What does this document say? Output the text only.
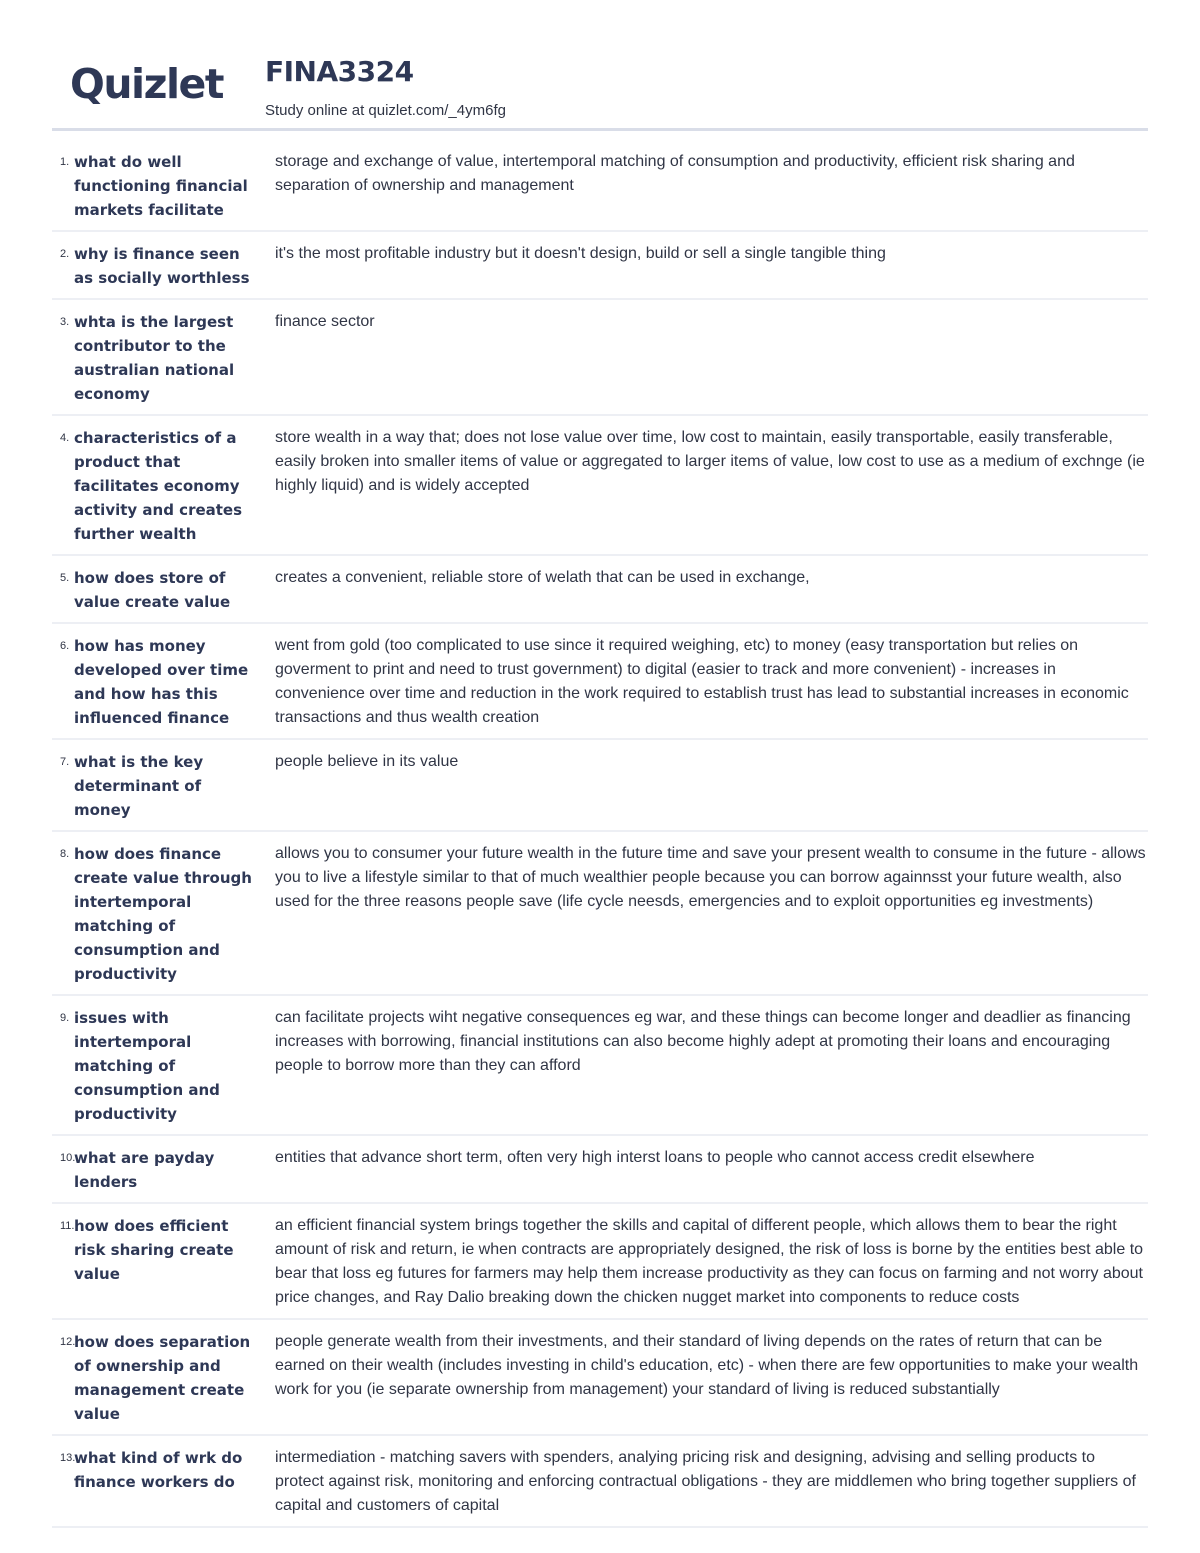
Quizlet FINA3324
Study online at quizlet.com/_4ym6fg
1. what do well functioning financial markets facilitate
storage and exchange of value, intertemporal matching of consumption and productivity, efficient risk sharing and separation of ownership and management
2. why is finance seen as socially worthless
it's the most profitable industry but it doesn't design, build or sell a single tangible thing
3. whta is the largest contributor to the australian national economy
finance sector
4. characteristics of a product that facilitates economy activity and creates further wealth
store wealth in a way that; does not lose value over time, low cost to maintain, easily transportable, easily transferable, easily broken into smaller items of value or aggregated to larger items of value, low cost to use as a medium of exchnge (ie highly liquid) and is widely accepted
5. how does store of value create value
creates a convenient, reliable store of welath that can be used in exchange,
6. how has money developed over time and how has this influenced finance
went from gold (too complicated to use since it required weighing, etc) to money (easy transportation but relies on goverment to print and need to trust government) to digital (easier to track and more convenient) - increases in convenience over time and reduction in the work required to establish trust has lead to substantial increases in economic transactions and thus wealth creation
7. what is the key determinant of money
people believe in its value
8. how does finance create value through intertemporal matching of consumption and productivity
allows you to consumer your future wealth in the future time and save your present wealth to consume in the future - allows you to live a lifestyle similar to that of much wealthier people because you can borrow againnsst your future wealth, also used for the three reasons people save (life cycle neesds, emergencies and to exploit opportunities eg investments)
9. issues with intertemporal matching of consumption and productivity
can facilitate projects wiht negative consequences eg war, and these things can become longer and deadlier as financing increases with borrowing, financial institutions can also become highly adept at promoting their loans and encouraging people to borrow more than they can afford
10.
what are payday lenders
entities that advance short term, often very high interst loans to people who cannot access credit elsewhere
11. how does efficient risk sharing create value
an efficient financial system brings together the skills and capital of different people, which allows them to bear the right amount of risk and return, ie when contracts are appropriately designed, the risk of loss is borne by the entities best able to bear that loss eg futures for farmers may help them increase productivity as they can focus on farming and not worry about price changes, and Ray Dalio breaking down the chicken nugget market into components to reduce costs
12.
how does separation of ownership and management create value
people generate wealth from their investments, and their standard of living depends on the rates of return that can be earned on their wealth (includes investing in child's education, etc) - when there are few opportunities to make your wealth work for you (ie separate ownership from management) your standard of living is reduced substantially
13.
what kind of wrk do finance workers do
intermediation - matching savers with spenders, analying pricing risk and designing, advising and selling products to protect against risk, monitoring and enforcing contractual obligations - they are middlemen who bring together suppliers of capital and customers of capital
